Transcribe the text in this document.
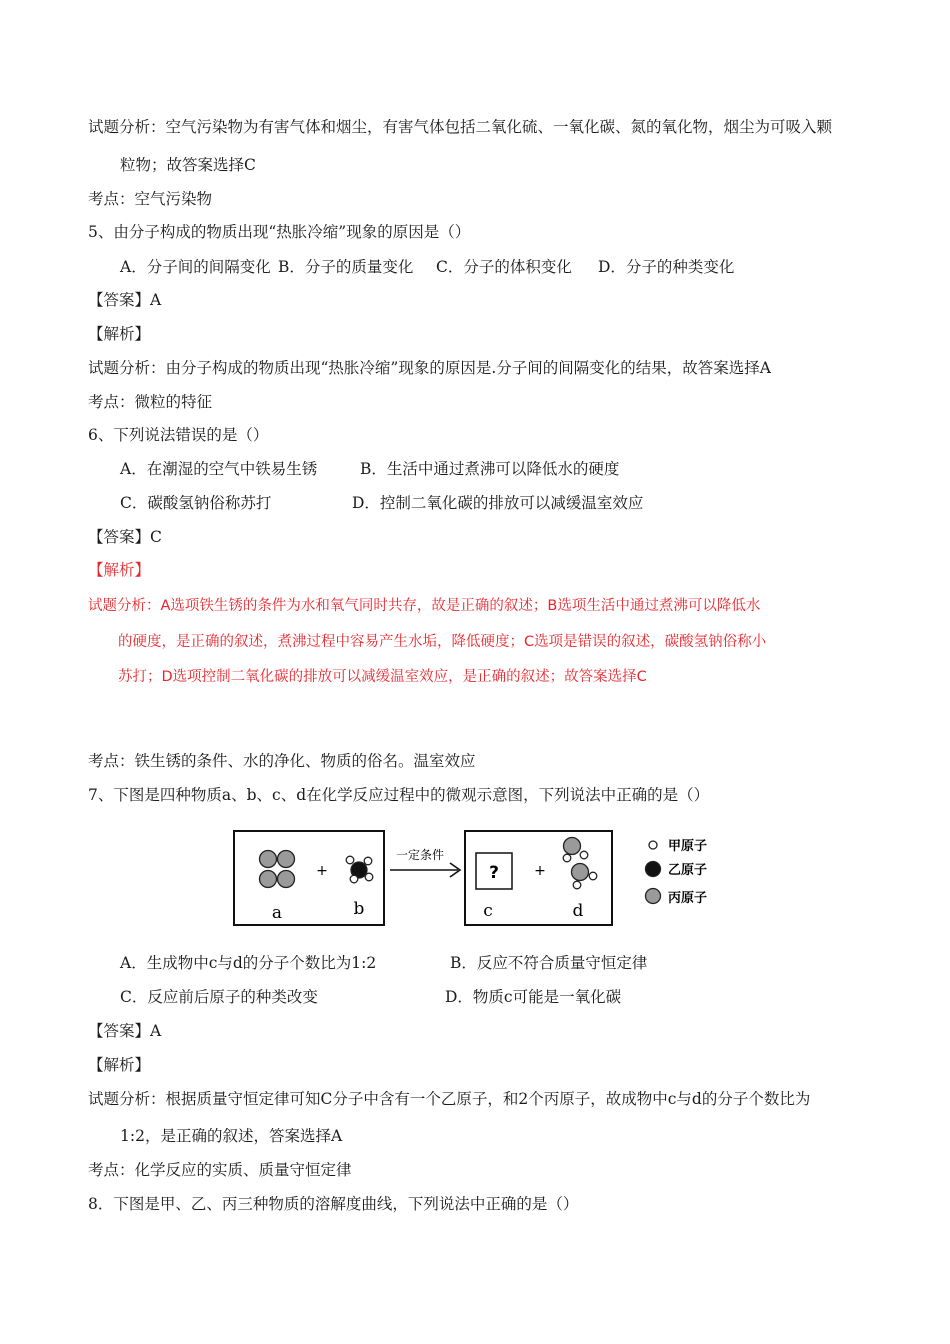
试题分析：空气污染物为有害气体和烟尘，有害气体包括二氧化硫、一氧化碳、氮的氧化物，烟尘为可吸入颗
粒物；故答案选择C
考点：空气污染物
5、由分子构成的物质出现“热胀冷缩”现象的原因是（）
A．分子间的间隔变化 B．分子的质量变化 C．分子的体积变化 D．分子的种类变化
【答案】A
【解析】
试题分析：由分子构成的物质出现“热胀冷缩”现象的原因是.分子间的间隔变化的结果，故答案选择A
考点：微粒的特征
6、下列说法错误的是（）
A．在潮湿的空气中铁易生锈	B．生活中通过煮沸可以降低水的硬度
C．碳酸氢钠俗称苏打	D．控制二氧化碳的排放可以减缓温室效应
【答案】C
【解析】
试题分析：A选项铁生锈的条件为水和氧气同时共存，故是正确的叙述；B选项生活中通过煮沸可以降低水
的硬度，是正确的叙述，煮沸过程中容易产生水垢，降低硬度；C选项是错误的叙述，碳酸氢钠俗称小
苏打；D选项控制二氧化碳的排放可以减缓温室效应，是正确的叙述；故答案选择C
考点：铁生锈的条件、水的净化、物质的俗名。温室效应
7、下图是四种物质a、b、c、d在化学反应过程中的微观示意图，下列说法中正确的是（）
+
a	b
一定条件
?	+
c	d
甲原子
乙原子
丙原子
A．生成物中c与d的分子个数比为1:2	B．反应不符合质量守恒定律
C．反应前后原子的种类改变	D．物质c可能是一氧化碳
【答案】A
【解析】
试题分析：根据质量守恒定律可知C分子中含有一个乙原子，和2个丙原子，故成物中c与d的分子个数比为
1:2，是正确的叙述，答案选择A
考点：化学反应的实质、质量守恒定律
8．下图是甲、乙、丙三种物质的溶解度曲线，下列说法中正确的是（）
